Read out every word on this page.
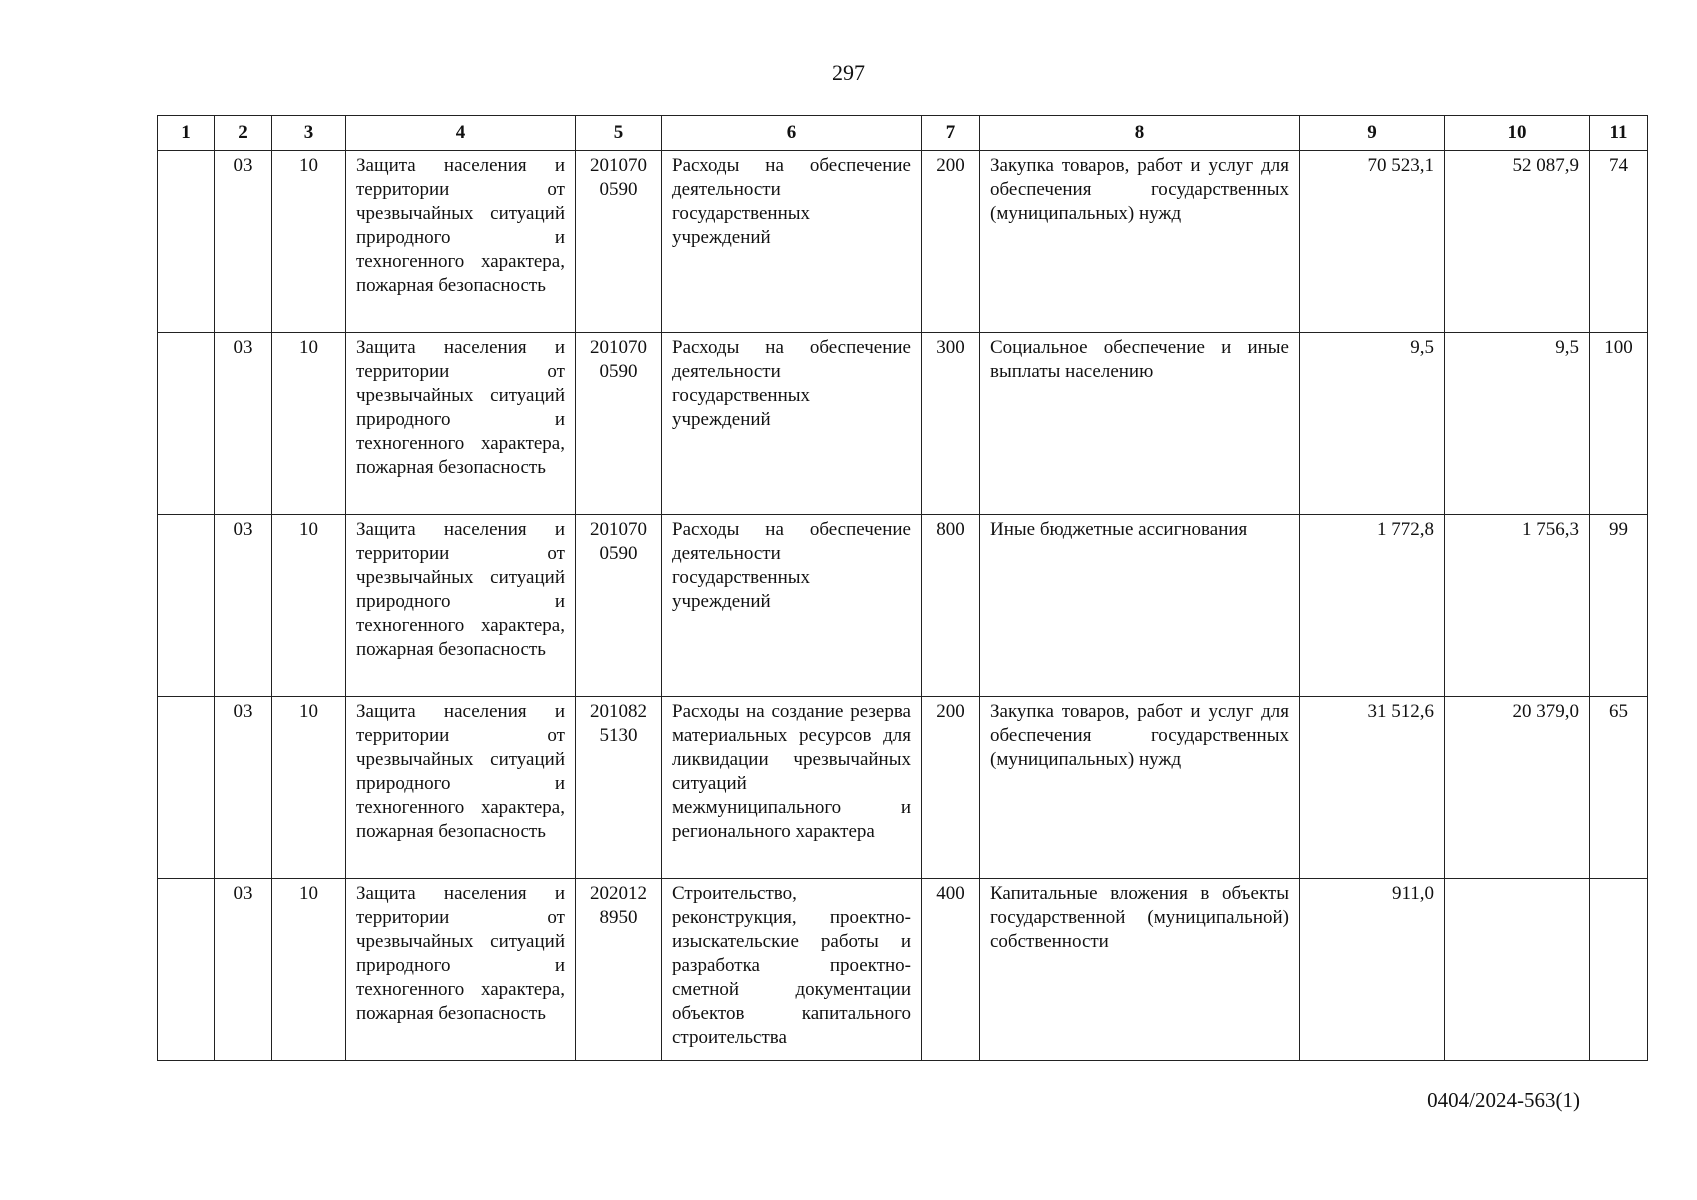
297
1	2	3	4	5	6	7	8	9	10	11
	03	10	Защита населения и территории от чрезвычайных ситуаций природного и техногенного характера, пожарная безопасность	201070 0590	Расходы на обеспечение деятельности государственных учреждений	200	Закупка товаров, работ и услуг для обеспечения государственных (муниципальных) нужд	70 523,1	52 087,9	74
	03	10	Защита населения и территории от чрезвычайных ситуаций природного и техногенного характера, пожарная безопасность	201070 0590	Расходы на обеспечение деятельности государственных учреждений	300	Социальное обеспечение и иные выплаты населению	9,5	9,5	100
	03	10	Защита населения и территории от чрезвычайных ситуаций природного и техногенного характера, пожарная безопасность	201070 0590	Расходы на обеспечение деятельности государственных учреждений	800	Иные бюджетные ассигнования	1 772,8	1 756,3	99
	03	10	Защита населения и территории от чрезвычайных ситуаций природного и техногенного характера, пожарная безопасность	201082 5130	Расходы на создание резерва материальных ресурсов для ликвидации чрезвычайных ситуаций межмуниципального и регионального характера	200	Закупка товаров, работ и услуг для обеспечения государственных (муниципальных) нужд	31 512,6	20 379,0	65
	03	10	Защита населения и территории от чрезвычайных ситуаций природного и техногенного характера, пожарная безопасность	202012 8950	Строительство, реконструкция, проектно-изыскательские работы и разработка проектно-сметной документации объектов капитального строительства	400	Капитальные вложения в объекты государственной (муниципальной) собственности	911,0		
0404/2024-563(1)
